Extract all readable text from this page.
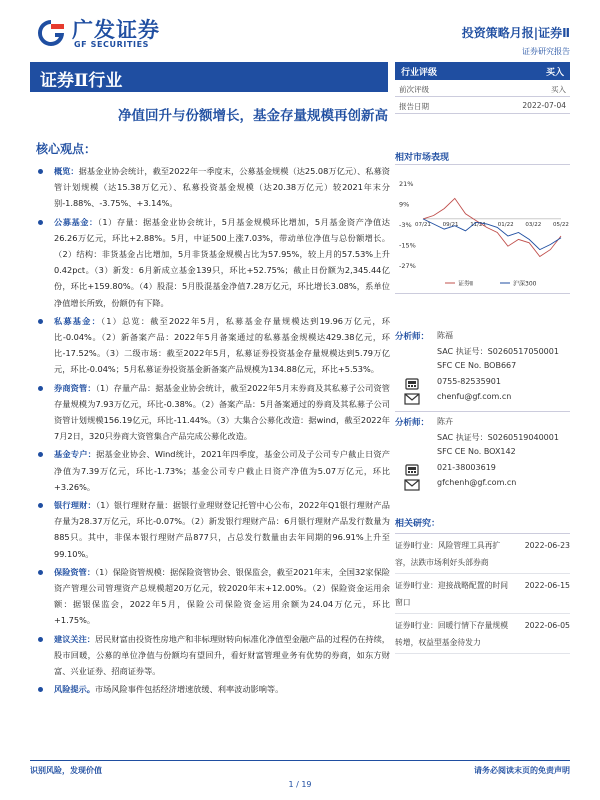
广发证券
GF SECURITIES
投资策略月报|证券Ⅱ
证券研究报告
证券Ⅱ行业
净值回升与份额增长，基金存量规模再创新高
核心观点：
概览：据基金业协会统计，截至2022年一季度末，公募基金规模（达25.08万亿元）、私募资管计划规模（达15.38万亿元）、私募投资基金规模（达20.38万亿元）较2021年末分别-1.88%、-3.75%、+3.14%。
公募基金：（1）存量：据基金业协会统计，5月基金规模环比增加，5月基金资产净值达26.26万亿元，环比+2.88%。5月，中证500上涨7.03%，带动单位净值与总份额增长。（2）结构：非货基金占比增加，5月非货基金规模占比为57.95%，较上月的57.53%上升0.42pct。（3）新发：6月新成立基金139只，环比+52.75%；截止日份额为2,345.44亿份，环比+159.80%。（4）股混：5月股混基金净值7.28万亿元，环比增长3.08%，系单位净值增长所致，份额仍有下降。
私募基金：（1）总览：截至2022年5月，私募基金存量规模达到19.96万亿元，环比-0.04%。（2）新备案产品：2022年5月备案通过的私募基金规模达429.38亿元，环比-17.52%。（3）二级市场：截至2022年5月，私募证券投资基金存量规模达到5.79万亿元，环比-0.04%；5月私募证券投资基金新备案产品规模为134.88亿元，环比+5.53%。
券商资管：（1）存量产品：据基金业协会统计，截至2022年5月末券商及其私募子公司资管存量规模为7.93万亿元，环比-0.38%。（2）备案产品：5月备案通过的券商及其私募子公司资管计划规模156.19亿元，环比-11.44%。（3）大集合公募化改造：据wind，截至2022年7月2日，320只券商大资管集合产品完成公募化改造。
基金专户：据基金业协会、Wind统计，2021年四季度，基金公司及子公司专户截止日资产净值为7.39万亿元，环比-1.73%；基金公司专户截止日资产净值为5.07万亿元，环比+3.26%。
银行理财：（1）银行理财存量：据银行业理财登记托管中心公布，2022年Q1银行理财产品存量为28.37万亿元，环比-0.07%。（2）新发银行理财产品：6月银行理财产品发行数量为885只。其中，非保本银行理财产品877只，占总发行数量由去年同期的96.91%上升至99.10%。
保险资管：（1）保险资管规模：据保险资管协会、银保监会，截至2021年末，全国32家保险资产管理公司管理资产总规模超20万亿元，较2020年末+12.00%。（2）保险资金运用余额：据银保监会，2022年5月，保险公司保险资金运用余额为24.04万亿元，环比+1.75%。
建议关注：居民财富由投资性房地产和非标理财转向标准化净值型金融产品的过程仍在持续，股市回暖，公募的单位净值与份额均有望回升，看好财富管理业务有优势的券商，如东方财富、兴业证券、招商证券等。
风险提示。市场风险事件包括经济增速放缓、利率波动影响等。
行业评级	买入
前次评级	买入
报告日期	2022-07-04
相对市场表现
21%
9%
-3%
-15%
-27%
07/21 09/21 11/21 01/22 03/22 05/22
证券Ⅱ	沪深300
分析师： 陈福
SAC 执证号：S0260517050001
SFC CE No. BOB667
0755-82535901
chenfu@gf.com.cn
分析师： 陈卉
SAC 执证号：S0260519040001
SFC CE No. BOX142
021-38003619
gfchenh@gf.com.cn
相关研究：
证券Ⅱ行业：风险管理工具再扩容，法跌市场利好头部券商
2022-06-23
证券Ⅱ行业：迎接战略配置的时间窗口
2022-06-15
证券Ⅱ行业：回暖行情下存量规模转增，权益型基金待发力
2022-06-05
识别风险，发现价值	请务必阅读末页的免责声明
1 / 19
